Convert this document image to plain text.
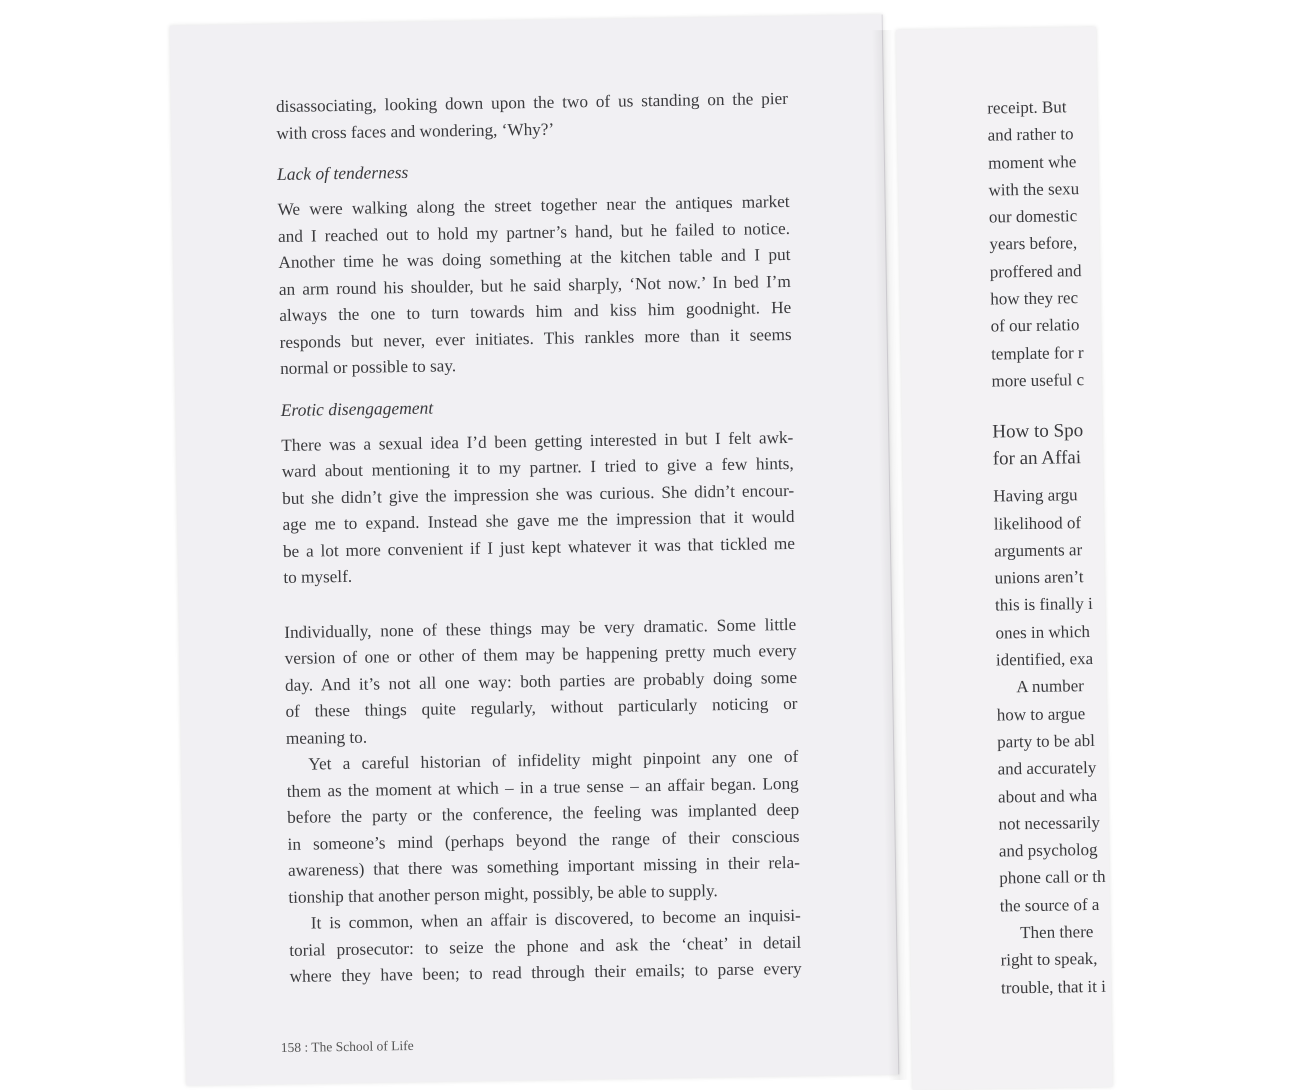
disassociating, looking down upon the two of us standing on the pier
with cross faces and wondering, ‘Why?’
Lack of tenderness
We were walking along the street together near the antiques market
and I reached out to hold my partner’s hand, but he failed to notice.
Another time he was doing something at the kitchen table and I put
an arm round his shoulder, but he said sharply, ‘Not now.’ In bed I’m
always the one to turn towards him and kiss him goodnight. He
responds but never, ever initiates. This rankles more than it seems
normal or possible to say.
Erotic disengagement
There was a sexual idea I’d been getting interested in but I felt awk-
ward about mentioning it to my partner. I tried to give a few hints,
but she didn’t give the impression she was curious. She didn’t encour-
age me to expand. Instead she gave me the impression that it would
be a lot more convenient if I just kept whatever it was that tickled me
to myself.
Individually, none of these things may be very dramatic. Some little
version of one or other of them may be happening pretty much every
day. And it’s not all one way: both parties are probably doing some
of these things quite regularly, without particularly noticing or
meaning to.
Yet a careful historian of infidelity might pinpoint any one of
them as the moment at which – in a true sense – an affair began. Long
before the party or the conference, the feeling was implanted deep
in someone’s mind (perhaps beyond the range of their conscious
awareness) that there was something important missing in their rela-
tionship that another person might, possibly, be able to supply.
It is common, when an affair is discovered, to become an inquisi-
torial prosecutor: to seize the phone and ask the ‘cheat’ in detail
where they have been; to read through their emails; to parse every
158 : The School of Life
receipt. But
and rather to
moment whe
with the sexu
our domestic
years before,
proffered and
how they rec
of our relatio
template for r
more useful c
How to Spo
for an Affai
Having argu
likelihood of
arguments ar
unions aren’t
this is finally i
ones in which
identified, exa
A number
how to argue
party to be abl
and accurately
about and wha
not necessarily
and psycholog
phone call or th
the source of a
Then there
right to speak,
trouble, that it i
